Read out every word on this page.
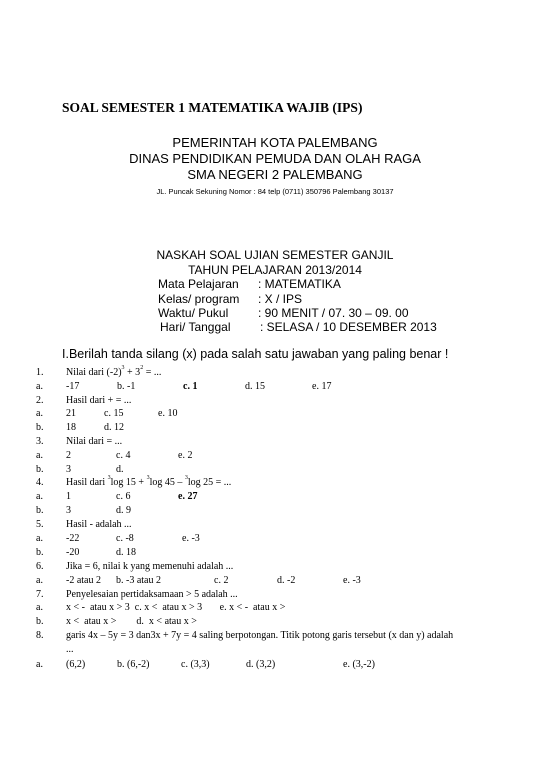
SOAL SEMESTER 1 MATEMATIKA WAJIB (IPS)
PEMERINTAH KOTA PALEMBANG
DINAS PENDIDIKAN PEMUDA DAN OLAH RAGA
SMA NEGERI 2 PALEMBANG
JL. Puncak Sekuning Nomor : 84 telp (0711) 350796 Palembang 30137
NASKAH SOAL UJIAN SEMESTER GANJIL
TAHUN PELAJARAN 2013/2014
Mata Pelajaran : MATEMATIKA
Kelas/ program : X / IPS
Waktu/ Pukul : 90 MENIT / 07. 30 – 09. 00
Hari/ Tanggal : SELASA / 10 DESEMBER 2013
I.Berilah tanda silang (x) pada salah satu jawaban yang paling benar !
1. Nilai dari $(-2)^3 + 3^2$ = ...
a. -17	b. -1	c. 1	d. 15	e. 17
2. Hasil dari + = ...
a. 21	c. 15	e. 10
b. 18	d. 12
3. Nilai dari = ...
a. 2	c. 4	e. 2
b. 3	d.
4. Hasil dari $^3$log 15 + $^3$log 45 – $^3$log 25 = ...
a. 1	c. 6	e. 27
b. 3	d. 9
5. Hasil - adalah ...
a. -22	c. -8	e. -3
b. -20	d. 18
6. Jika = 6, nilai k yang memenuhi adalah ...
a. -2 atau 2 b. -3 atau 2	c. 2	d. -2	e. -3
7. Penyelesaian pertidaksamaan > 5 adalah ...
a. x < -  atau x > 3  c. x <  atau x > 3       e. x < -  atau x >
b. x <  atau x >        d.  x < atau x >
8. garis 4x – 5y = 3 dan3x + 7y = 4 saling berpotongan. Titik potong garis tersebut (x dan y) adalah
...
a. (6,2)	b. (6,-2)	c. (3,3)	d. (3,2)	e. (3,-2)
